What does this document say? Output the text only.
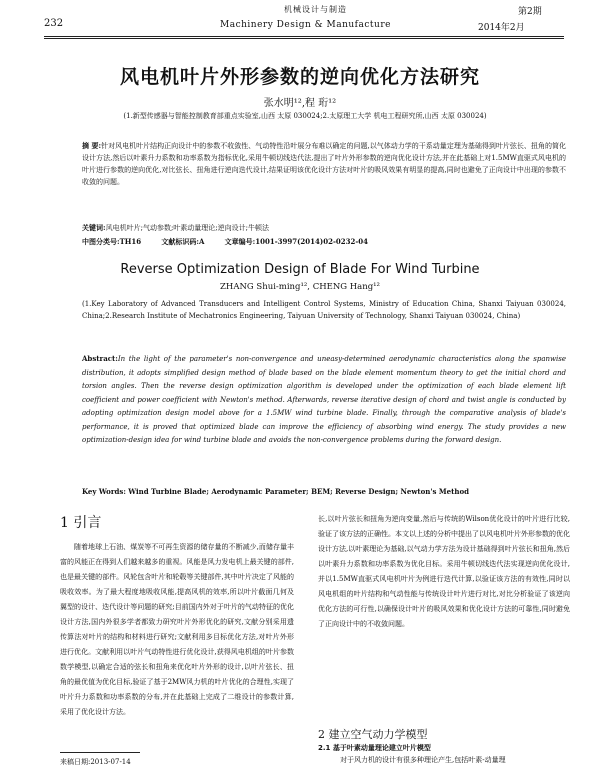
机械设计与制造
232	Machinery Design & Manufacture
第2期
2014年2月
风电机叶片外形参数的逆向优化方法研究
张水明¹²,程 珩¹²
(1.新型传感器与智能控制教育部重点实验室,山西 太原 030024;2.太原理工大学 机电工程研究所,山西 太原 030024)
摘 要:针对风电机叶片结构正向设计中的参数不收敛性、气动特性沿叶展分布难以确定的问题,以气体动力学的干系动量定理为基础得到叶片弦长、扭角的简化设计方法,然后以叶素升力系数和功率系数为指标优化,采用牛顿切线迭代法,提出了叶片外形参数的逆向优化设计方法,并在此基础上对1.5MW直驱式风电机的叶片进行参数的逆向优化,对比弦长、扭角进行逆向迭代设计,结果证明该优化设计方法对叶片的吸风效果有明显的提高,同时也避免了正向设计中出现的参数不收敛的问题。
关键词:风电机叶片;气动参数;叶素动量理论;逆向设计;牛顿法
中图分类号:TH16	文献标识码:A	文章编号:1001-3997(2014)02-0232-04
Reverse Optimization Design of Blade For Wind Turbine
ZHANG Shui-ming¹², CHENG Hang¹²
(1.Key Laboratory of Advanced Transducers and Intelligent Control Systems, Ministry of Education China, Shanxi Taiyuan 030024, China;2.Research Institute of Mechatronics Engineering, Taiyuan University of Technology, Shanxi Taiyuan 030024, China)
Abstract:In the light of the parameter's non-convergence and uneasy-determined aerodynamic characteristics along the spanwise distribution, it adopts simplified design method of blade based on the blade element momentum theory to get the initial chord and torsion angles. Then the reverse design optimization algorithm is developed under the optimization of each blade element lift coefficient and power coefficient with Newton's method. Afterwards, reverse iterative design of chord and twist angle is conducted by adopting optimization design model above for a 1.5MW wind turbine blade. Finally, through the comparative analysis of blade's performance, it is proved that optimized blade can improve the efficiency of absorbing wind energy. The study provides a new optimization-design idea for wind turbine blade and avoids the non-convergence problems during the forward design.
Key Words: Wind Turbine Blade; Aerodynamic Parameter; BEM; Reverse Design; Newton's Method
1 引言

随着地球上石油、煤炭等不可再生资源的储存量的不断减少,而储存量丰富的风能正在得到人们越来越多的重视。风能是风力发电机上最关键的部件,也是最关键的部件。风轮包含叶片和轮毂等关键部件,其中叶片决定了风能的吸收效率。为了最大程度地吸收风能,提高风机的效率,所以叶片截面几何及翼型的设计、迭代设计等问题的研究;目前国内外对于叶片的气动特征的优化设计方法,国内外很多学者都致力研究叶片外形优化的研究,文献分别采用遗传算法对叶片的结构和材料进行研究;文献利用多目标优化方法,对叶片外形进行优化。文献利用以叶片气动特性进行优化设计,获得风电机组的叶片参数数学模型,以确定合适的弦长和扭角来优化叶片外形的设计,以叶片弦长、扭角的最优值为优化目标,验证了基于2MW风力机的叶片优化的合理性,实现了叶片升力系数和功率系数的分布,并在此基础上完成了二维设计的参数计算,采用了优化设计方法。

长,以叶片弦长和扭角为逆向变量,然后与传统的Wilson优化设计的叶片进行比较,验证了该方法的正确性。本文以上述的分析中提出了以风电机叶片外形参数的优化设计方法,以叶素理论为基础,以气动力学方法为设计基础得到叶片弦长和扭角,然后以叶素升力系数和功率系数为优化目标。采用牛顿切线迭代法实现逆向优化设计,并以1.5MW直驱式风电机叶片为例进行迭代计算,以验证该方法的有效性,同时以风电机组的叶片结构和气动性能与传统设计叶片进行对比,对比分析验证了该逆向优化方法的可行性,以确保设计叶片的吸风效果和优化设计方法的可靠性,同时避免了正向设计中的不收敛问题。

2 建立空气动力学模型
2.1 基于叶素动量理论建立叶片模型
对于风力机的设计有很多种理论产生,包括叶素-动量理
来稿日期:2013-07-14
